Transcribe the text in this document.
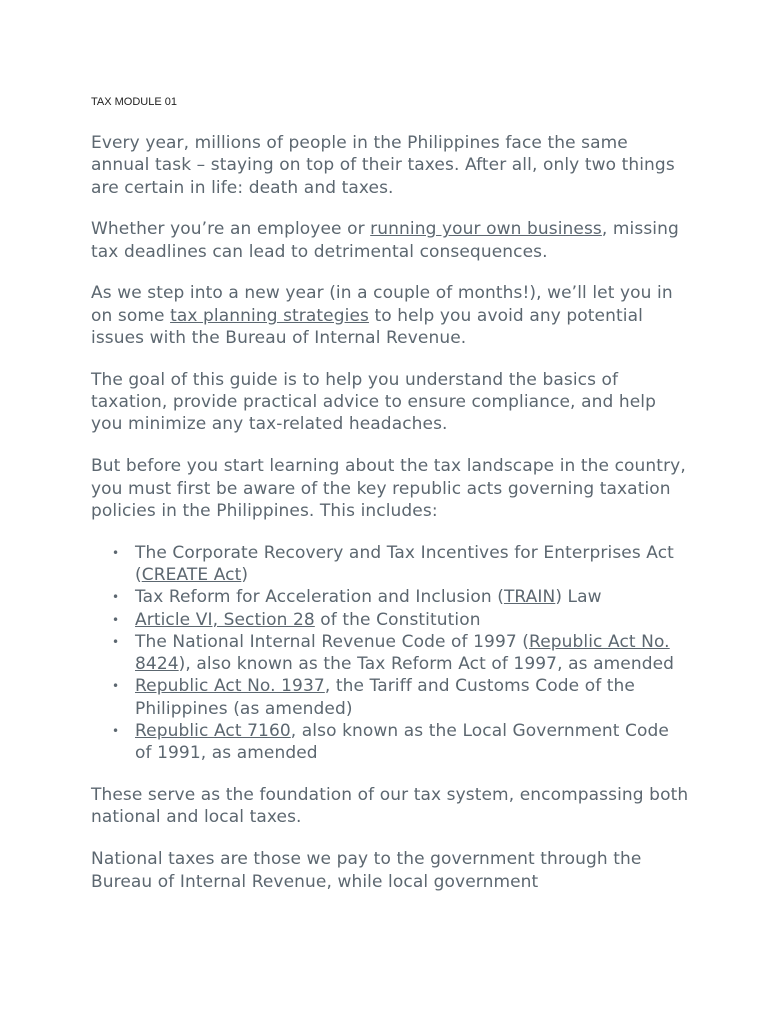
TAX MODULE 01

Every year, millions of people in the Philippines face the same annual task – staying on top of their taxes. After all, only two things are certain in life: death and taxes.

Whether you’re an employee or running your own business, missing tax deadlines can lead to detrimental consequences.

As we step into a new year (in a couple of months!), we’ll let you in on some tax planning strategies to help you avoid any potential issues with the Bureau of Internal Revenue.

The goal of this guide is to help you understand the basics of taxation, provide practical advice to ensure compliance, and help you minimize any tax-related headaches.

But before you start learning about the tax landscape in the country, you must first be aware of the key republic acts governing taxation policies in the Philippines. This includes:

• The Corporate Recovery and Tax Incentives for Enterprises Act (CREATE Act)
• Tax Reform for Acceleration and Inclusion (TRAIN) Law
• Article VI, Section 28 of the Constitution
• The National Internal Revenue Code of 1997 (Republic Act No. 8424), also known as the Tax Reform Act of 1997, as amended
• Republic Act No. 1937, the Tariff and Customs Code of the Philippines (as amended)
• Republic Act 7160, also known as the Local Government Code of 1991, as amended

These serve as the foundation of our tax system, encompassing both national and local taxes.

National taxes are those we pay to the government through the Bureau of Internal Revenue, while local government
